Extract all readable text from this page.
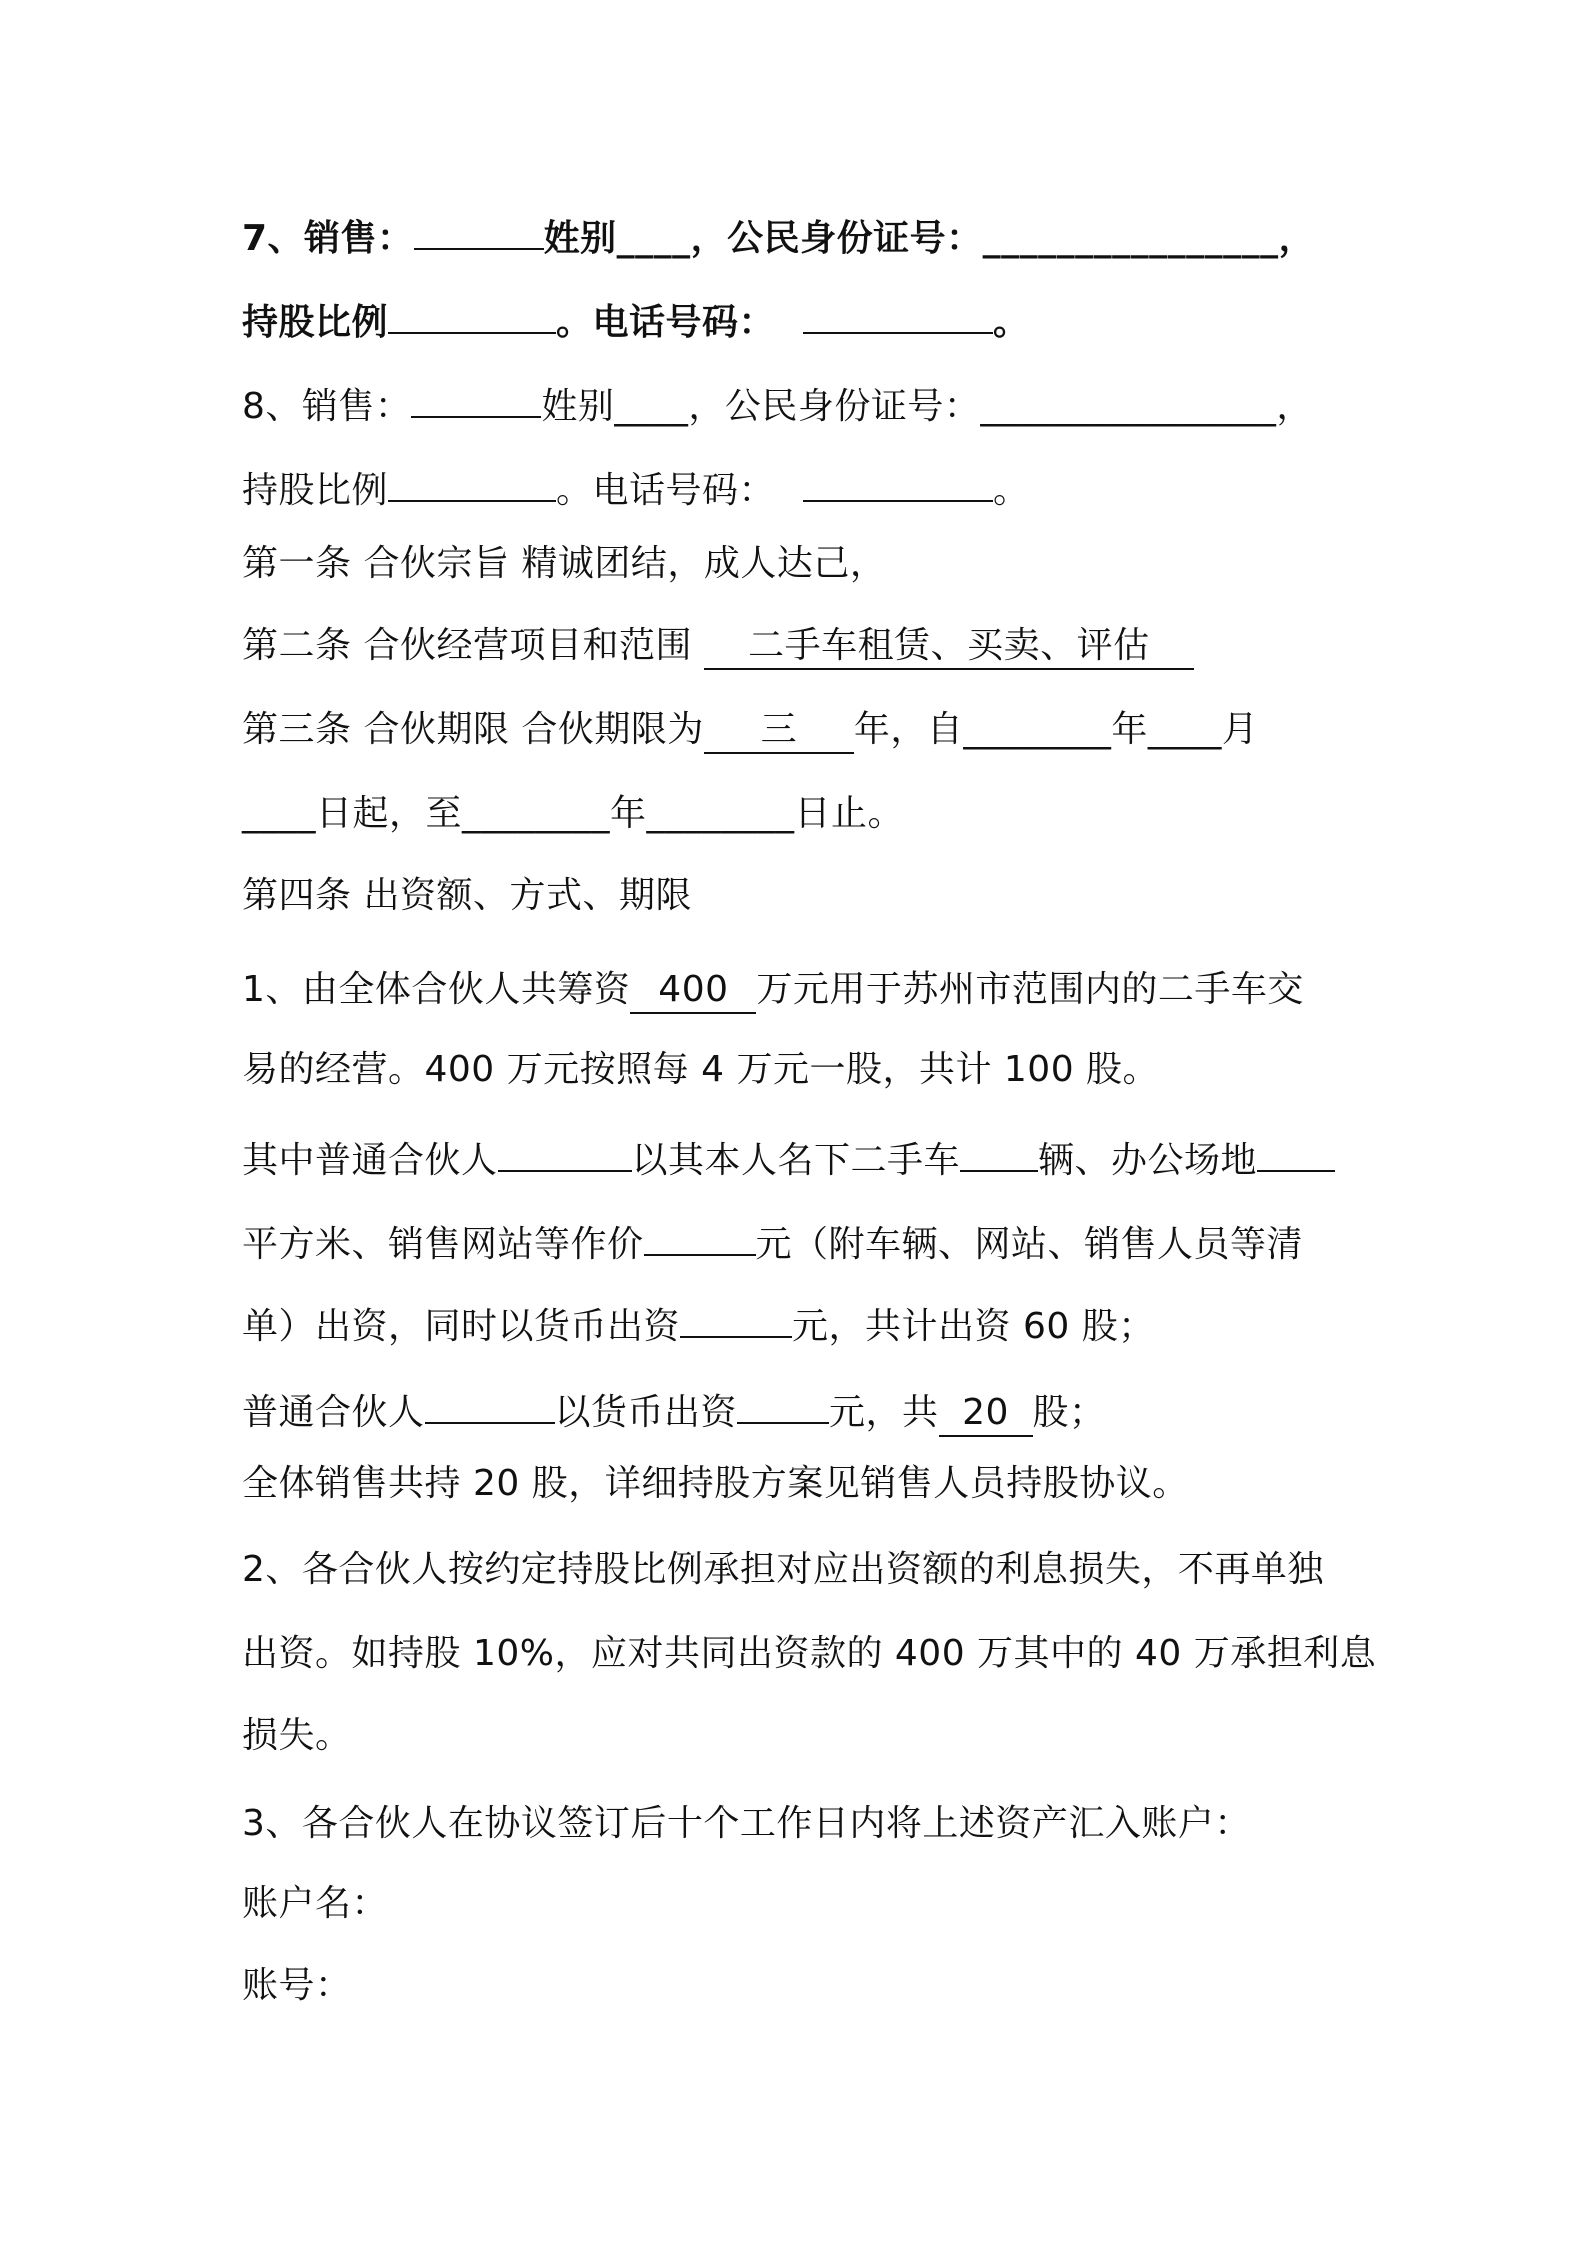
7、销售：	姓别____，公民身份证号：________________，
持股比例	。电话号码：	。
8、销售：	姓别____，公民身份证号：________________，
持股比例	。电话号码：	。
第一条 合伙宗旨 精诚团结，成人达己，
第二条 合伙经营项目和范围 二手车租赁、买卖、评估
第三条 合伙期限 合伙期限为 三 年，自________年____月
____日起，至________年________日止。
第四条 出资额、方式、期限
1、由全体合伙人共筹资 400 万元用于苏州市范围内的二手车交
易的经营。400 万元按照每 4 万元一股，共计 100 股。
其中普通合伙人	以其本人名下二手车 辆、办公场地
平方米、销售网站等作价	元（附车辆、网站、销售人员等清
单）出资，同时以货币出资	元，共计出资 60 股；
普通合伙人	以货币出资	元，共 20 股；
全体销售共持 20 股，详细持股方案见销售人员持股协议。
2、各合伙人按约定持股比例承担对应出资额的利息损失，不再单独
出资。如持股 10%，应对共同出资款的 400 万其中的 40 万承担利息
损失。
3、各合伙人在协议签订后十个工作日内将上述资产汇入账户：
账户名：
账号：
